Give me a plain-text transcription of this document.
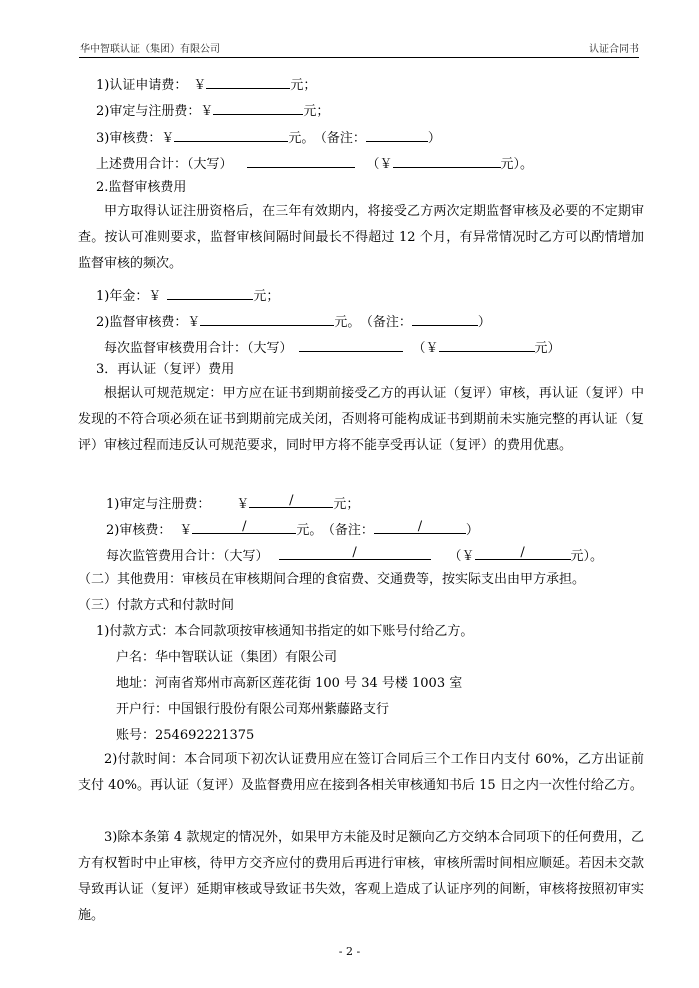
华中智联认证（集团）有限公司	认证合同书
1)认证申请费： ￥	元；
2)审定与注册费：￥	元；
3)审核费：￥	元。 （备注：	）
上述费用合计：（大写）	（￥	元）。
2.监督审核费用
甲方取得认证注册资格后，在三年有效期内，将接受乙方两次定期监督审核及必要的不定期审查。按认可准则要求，监督审核间隔时间最长不得超过 12 个月，有异常情况时乙方可以酌情增加监督审核的频次。
1)年金：￥	元；
2)监督审核费：￥	元。 （备注：	）
每次监督审核费用合计：（大写）	（￥	元）
3．再认证（复评）费用
根据认可规范规定：甲方应在证书到期前接受乙方的再认证（复评）审核，再认证（复评）中发现的不符合项必须在证书到期前完成关闭，否则将可能构成证书到期前未实施完整的再认证（复评）审核过程而违反认可规范要求，同时甲方将不能享受再认证（复评）的费用优惠。
1)审定与注册费： ￥	/	元；
2)审核费： ￥	/	元。 （备注：	/	）
每次监管费用合计：（大写）	/	（￥	/	元）。
（二）其他费用：审核员在审核期间合理的食宿费、交通费等，按实际支出由甲方承担。
（三）付款方式和付款时间
1)付款方式：本合同款项按审核通知书指定的如下账号付给乙方。
户名：华中智联认证（集团）有限公司
地址：河南省郑州市高新区莲花街 100 号 34 号楼 1003 室
开户行：中国银行股份有限公司郑州紫藤路支行
账号：254692221375
2)付款时间：本合同项下初次认证费用应在签订合同后三个工作日内支付 60%，乙方出证前支付 40%。再认证（复评）及监督费用应在接到各相关审核通知书后 15 日之内一次性付给乙方。
3)除本条第 4 款规定的情况外，如果甲方未能及时足额向乙方交纳本合同项下的任何费用，乙方有权暂时中止审核，待甲方交齐应付的费用后再进行审核，审核所需时间相应顺延。若因未交款导致再认证（复评）延期审核或导致证书失效，客观上造成了认证序列的间断，审核将按照初审实施。
- 2 -
